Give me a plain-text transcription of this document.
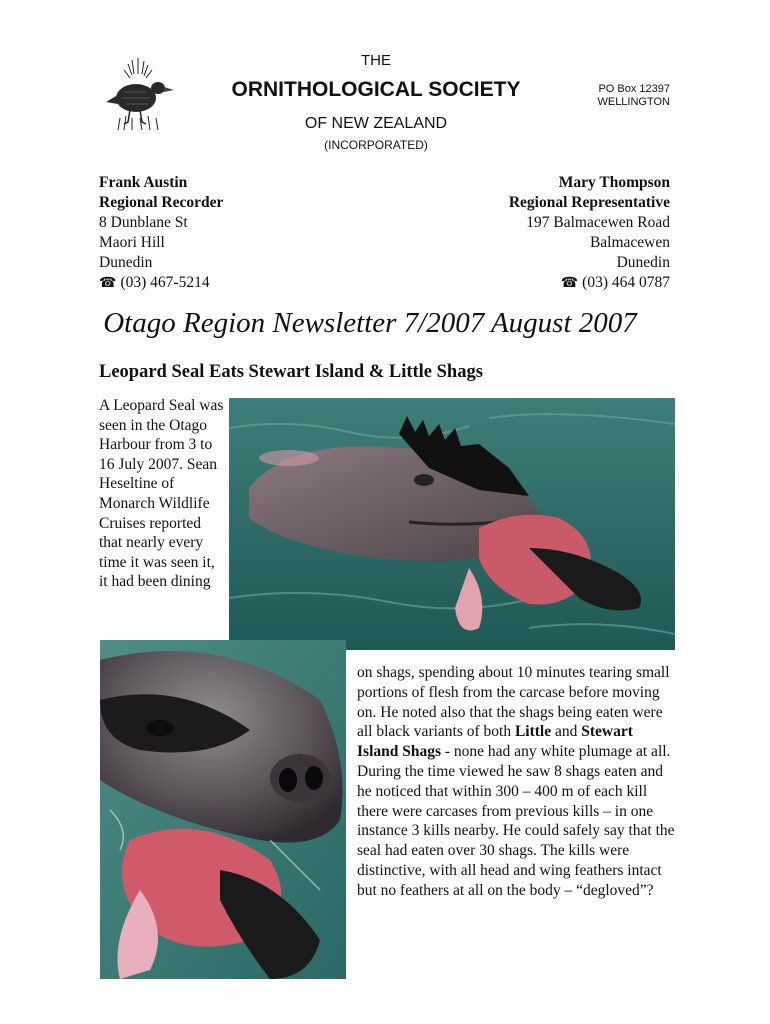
THE
ORNITHOLOGICAL SOCIETY
OF NEW ZEALAND
(INCORPORATED)
PO Box 12397
WELLINGTON
Frank Austin
Regional Recorder
8 Dunblane St
Maori Hill
Dunedin
☎ (03) 467-5214
Mary Thompson
Regional Representative
197 Balmacewen Road
Balmacewen
Dunedin
☎ (03) 464 0787
Otago Region Newsletter 7/2007 August 2007
Leopard Seal Eats Stewart Island & Little Shags
A Leopard Seal was seen in the Otago Harbour from 3 to 16 July 2007. Sean Heseltine of Monarch Wildlife Cruises reported that nearly every time it was seen it, it had been dining
on shags, spending about 10 minutes tearing small portions of flesh from the carcase before moving on. He noted also that the shags being eaten were all black variants of both Little and Stewart Island Shags - none had any white plumage at all. During the time viewed he saw 8 shags eaten and he noticed that within 300 – 400 m of each kill there were carcases from previous kills – in one instance 3 kills nearby. He could safely say that the seal had eaten over 30 shags. The kills were distinctive, with all head and wing feathers intact but no feathers at all on the body – “degloved”?
